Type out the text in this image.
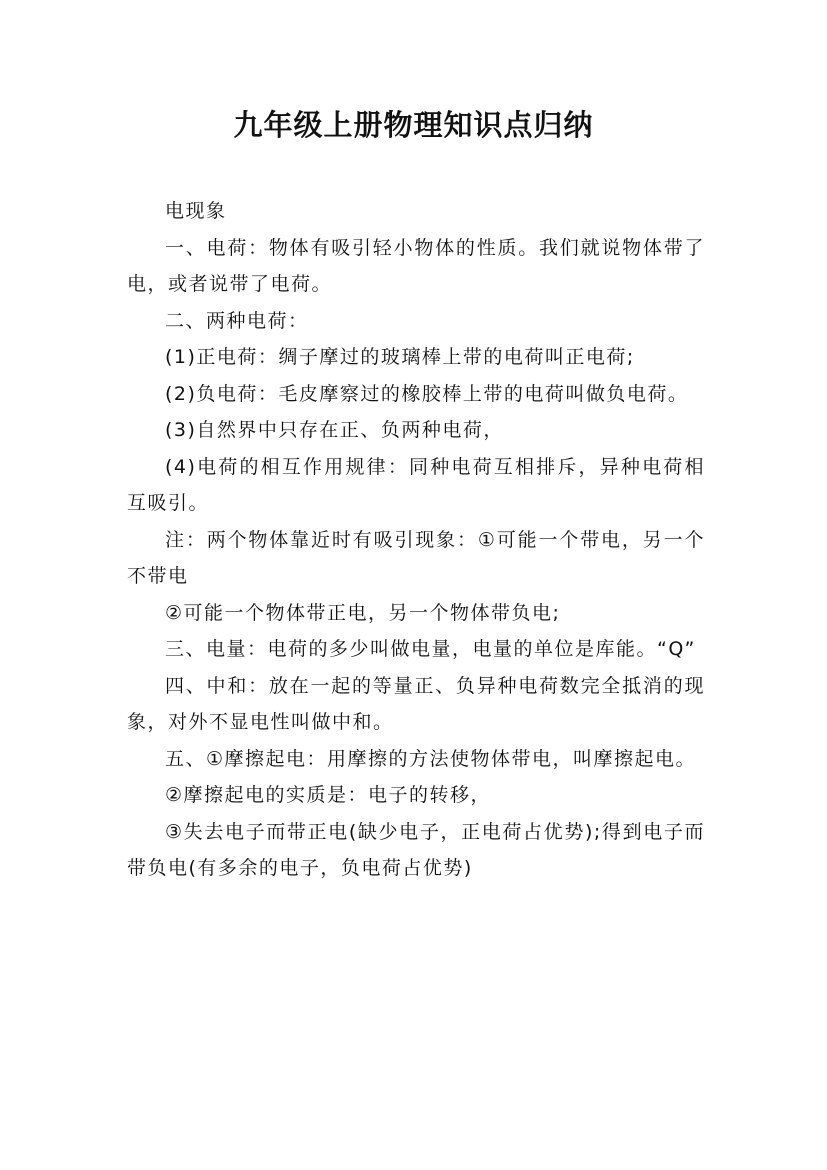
九年级上册物理知识点归纳

电现象

一、电荷：物体有吸引轻小物体的性质。我们就说物体带了电，或者说带了电荷。

二、两种电荷：

(1)正电荷：绸子摩过的玻璃棒上带的电荷叫正电荷;

(2)负电荷：毛皮摩察过的橡胶棒上带的电荷叫做负电荷。

(3)自然界中只存在正、负两种电荷，

(4)电荷的相互作用规律：同种电荷互相排斥，异种电荷相互吸引。

注：两个物体靠近时有吸引现象：①可能一个带电，另一个不带电

②可能一个物体带正电，另一个物体带负电;

三、电量：电荷的多少叫做电量，电量的单位是库能。“Q”

四、中和：放在一起的等量正、负异种电荷数完全抵消的现象，对外不显电性叫做中和。

五、①摩擦起电：用摩擦的方法使物体带电，叫摩擦起电。

②摩擦起电的实质是：电子的转移，

③失去电子而带正电(缺少电子，正电荷占优势);得到电子而带负电(有多余的电子，负电荷占优势)
